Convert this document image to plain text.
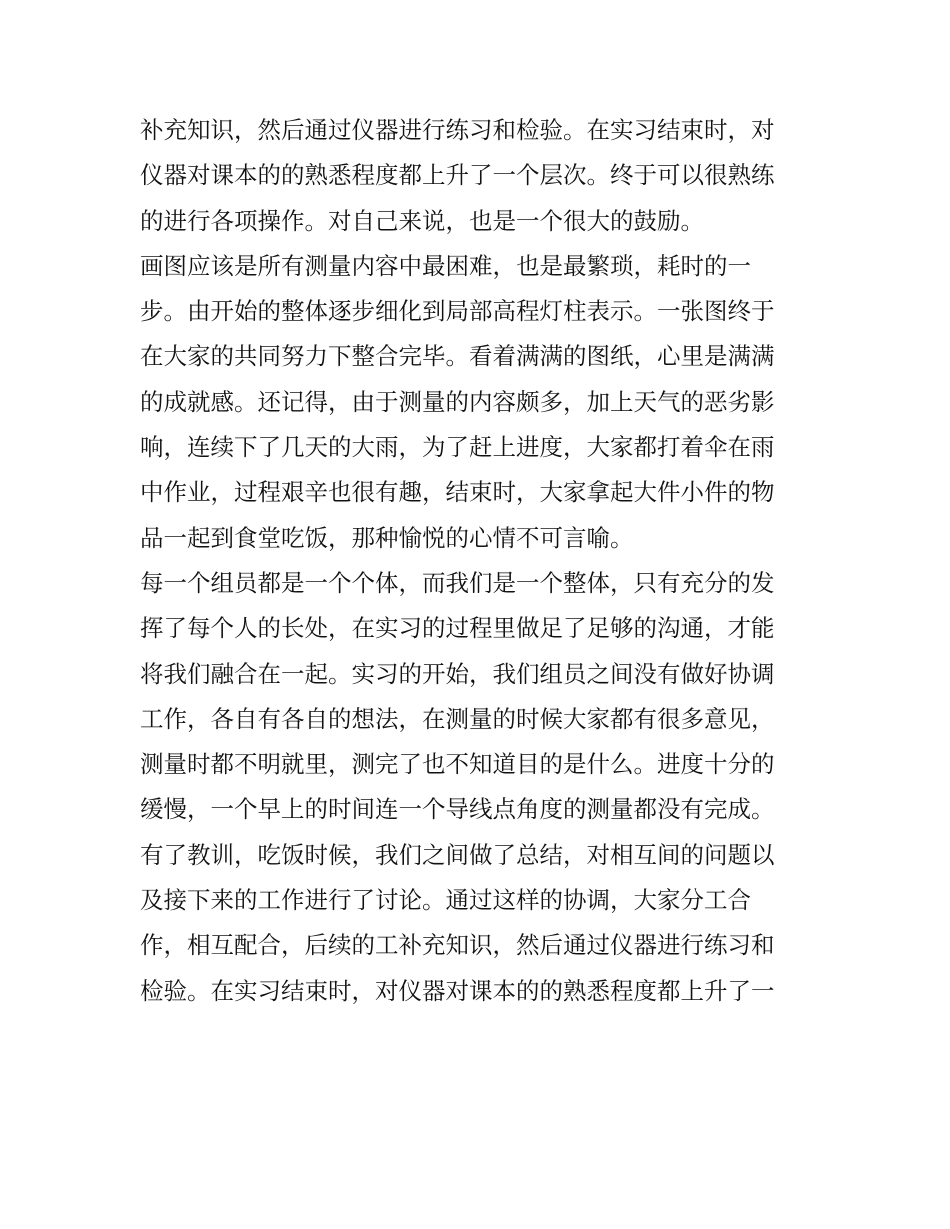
补充知识，然后通过仪器进行练习和检验。在实习结束时，对
仪器对课本的的熟悉程度都上升了一个层次。终于可以很熟练
的进行各项操作。对自己来说，也是一个很大的鼓励。
画图应该是所有测量内容中最困难，也是最繁琐，耗时的一
步。由开始的整体逐步细化到局部高程灯柱表示。一张图终于
在大家的共同努力下整合完毕。看着满满的图纸，心里是满满
的成就感。还记得，由于测量的内容颇多，加上天气的恶劣影
响，连续下了几天的大雨，为了赶上进度，大家都打着伞在雨
中作业，过程艰辛也很有趣，结束时，大家拿起大件小件的物
品一起到食堂吃饭，那种愉悦的心情不可言喻。
每一个组员都是一个个体，而我们是一个整体，只有充分的发
挥了每个人的长处，在实习的过程里做足了足够的沟通，才能
将我们融合在一起。实习的开始，我们组员之间没有做好协调
工作，各自有各自的想法，在测量的时候大家都有很多意见，
测量时都不明就里，测完了也不知道目的是什么。进度十分的
缓慢，一个早上的时间连一个导线点角度的测量都没有完成。
有了教训，吃饭时候，我们之间做了总结，对相互间的问题以
及接下来的工作进行了讨论。通过这样的协调，大家分工合
作，相互配合，后续的工补充知识，然后通过仪器进行练习和
检验。在实习结束时，对仪器对课本的的熟悉程度都上升了一
